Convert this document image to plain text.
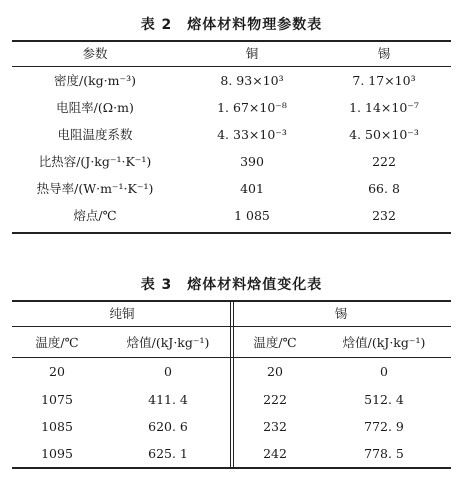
表 2　熔体材料物理参数表
参数	铜	锡
密度/(kg·m⁻³)	8. 93×10³	7. 17×10³
电阻率/(Ω·m)	1. 67×10⁻⁸	1. 14×10⁻⁷
电阻温度系数	4. 33×10⁻³	4. 50×10⁻³
比热容/(J·kg⁻¹·K⁻¹)	390	222
热导率/(W·m⁻¹·K⁻¹)	401	66. 8
熔点/℃	1 085	232
表 3　熔体材料焓值变化表
纯铜	锡
温度/℃	焓值/(kJ·kg⁻¹)	温度/℃	焓值/(kJ·kg⁻¹)
20	0	20	0
1075	411. 4	222	512. 4
1085	620. 6	232	772. 9
1095	625. 1	242	778. 5
